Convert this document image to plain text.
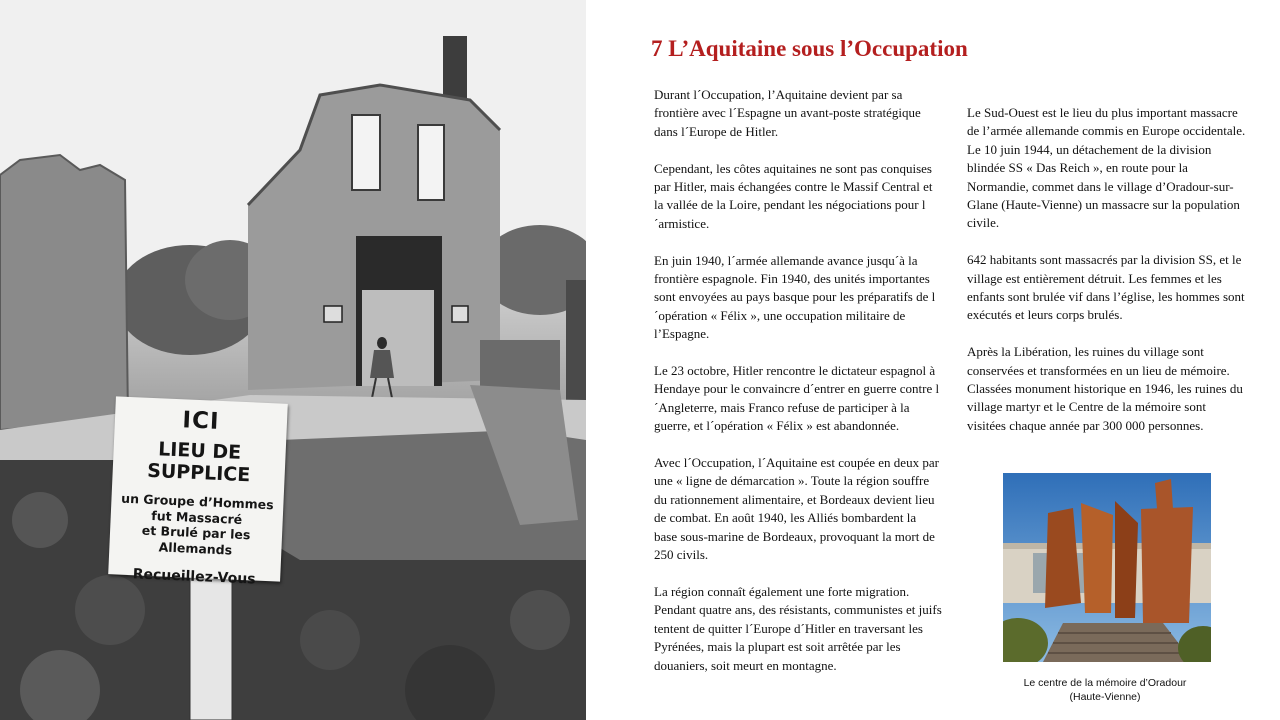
ICI
LIEU DE SUPPLICE
un Groupe d’Hommes fut Massacré
et Brulé par les Allemands
Recueillez-Vous
7 L’Aquitaine sous l’Occupation

Durant l´Occupation, l’Aquitaine devient par sa frontière avec l´Espagne un avant-poste stratégique dans l´Europe de Hitler.

Cependant, les côtes aquitaines ne sont pas conquises par Hitler, mais échangées contre le Massif Central et la vallée de la Loire, pendant les négociations pour l´armistice.

En juin 1940, l´armée allemande avance jusqu´à la frontière espagnole. Fin 1940, des unités importantes sont envoyées au pays basque pour les préparatifs de l´opération « Félix », une occupation militaire de l’Espagne.

Le 23 octobre, Hitler rencontre le dictateur espagnol à Hendaye pour le convaincre d´entrer en guerre contre l´Angleterre, mais Franco refuse de participer à la guerre, et l´opération « Félix » est abandonnée.

Avec l´Occupation, l´Aquitaine est coupée en deux par une « ligne de démarcation ». Toute la région souffre du rationnement alimentaire, et Bordeaux devient lieu de combat. En août 1940, les Alliés bombardent la base sous-marine de Bordeaux, provoquant la mort de 250 civils.

La région connaît également une forte migration. Pendant quatre ans, des résistants, communistes et juifs tentent de quitter l´Europe d´Hitler en traversant les Pyrénées, mais la plupart est soit arrêtée par les douaniers, soit meurt en montagne.

Le Sud-Ouest est le lieu du plus important massacre de l’armée allemande commis en Europe occidentale. Le 10 juin 1944, un détachement de la division blindée SS « Das Reich », en route pour la Normandie, commet dans le village d’Oradour-sur-Glane (Haute-Vienne) un massacre sur la population civile.

642 habitants sont massacrés par la division SS, et le village est entièrement détruit. Les femmes et les enfants sont brulée vif dans l’église, les hommes sont exécutés et leurs corps brulés.

Après la Libération, les ruines du village sont conservées et transformées en un lieu de mémoire. Classées monument historique en 1946, les ruines du village martyr et le Centre de la mémoire sont visitées chaque année par 300 000 personnes.

Le centre de la mémoire d’Oradour
(Haute-Vienne)
